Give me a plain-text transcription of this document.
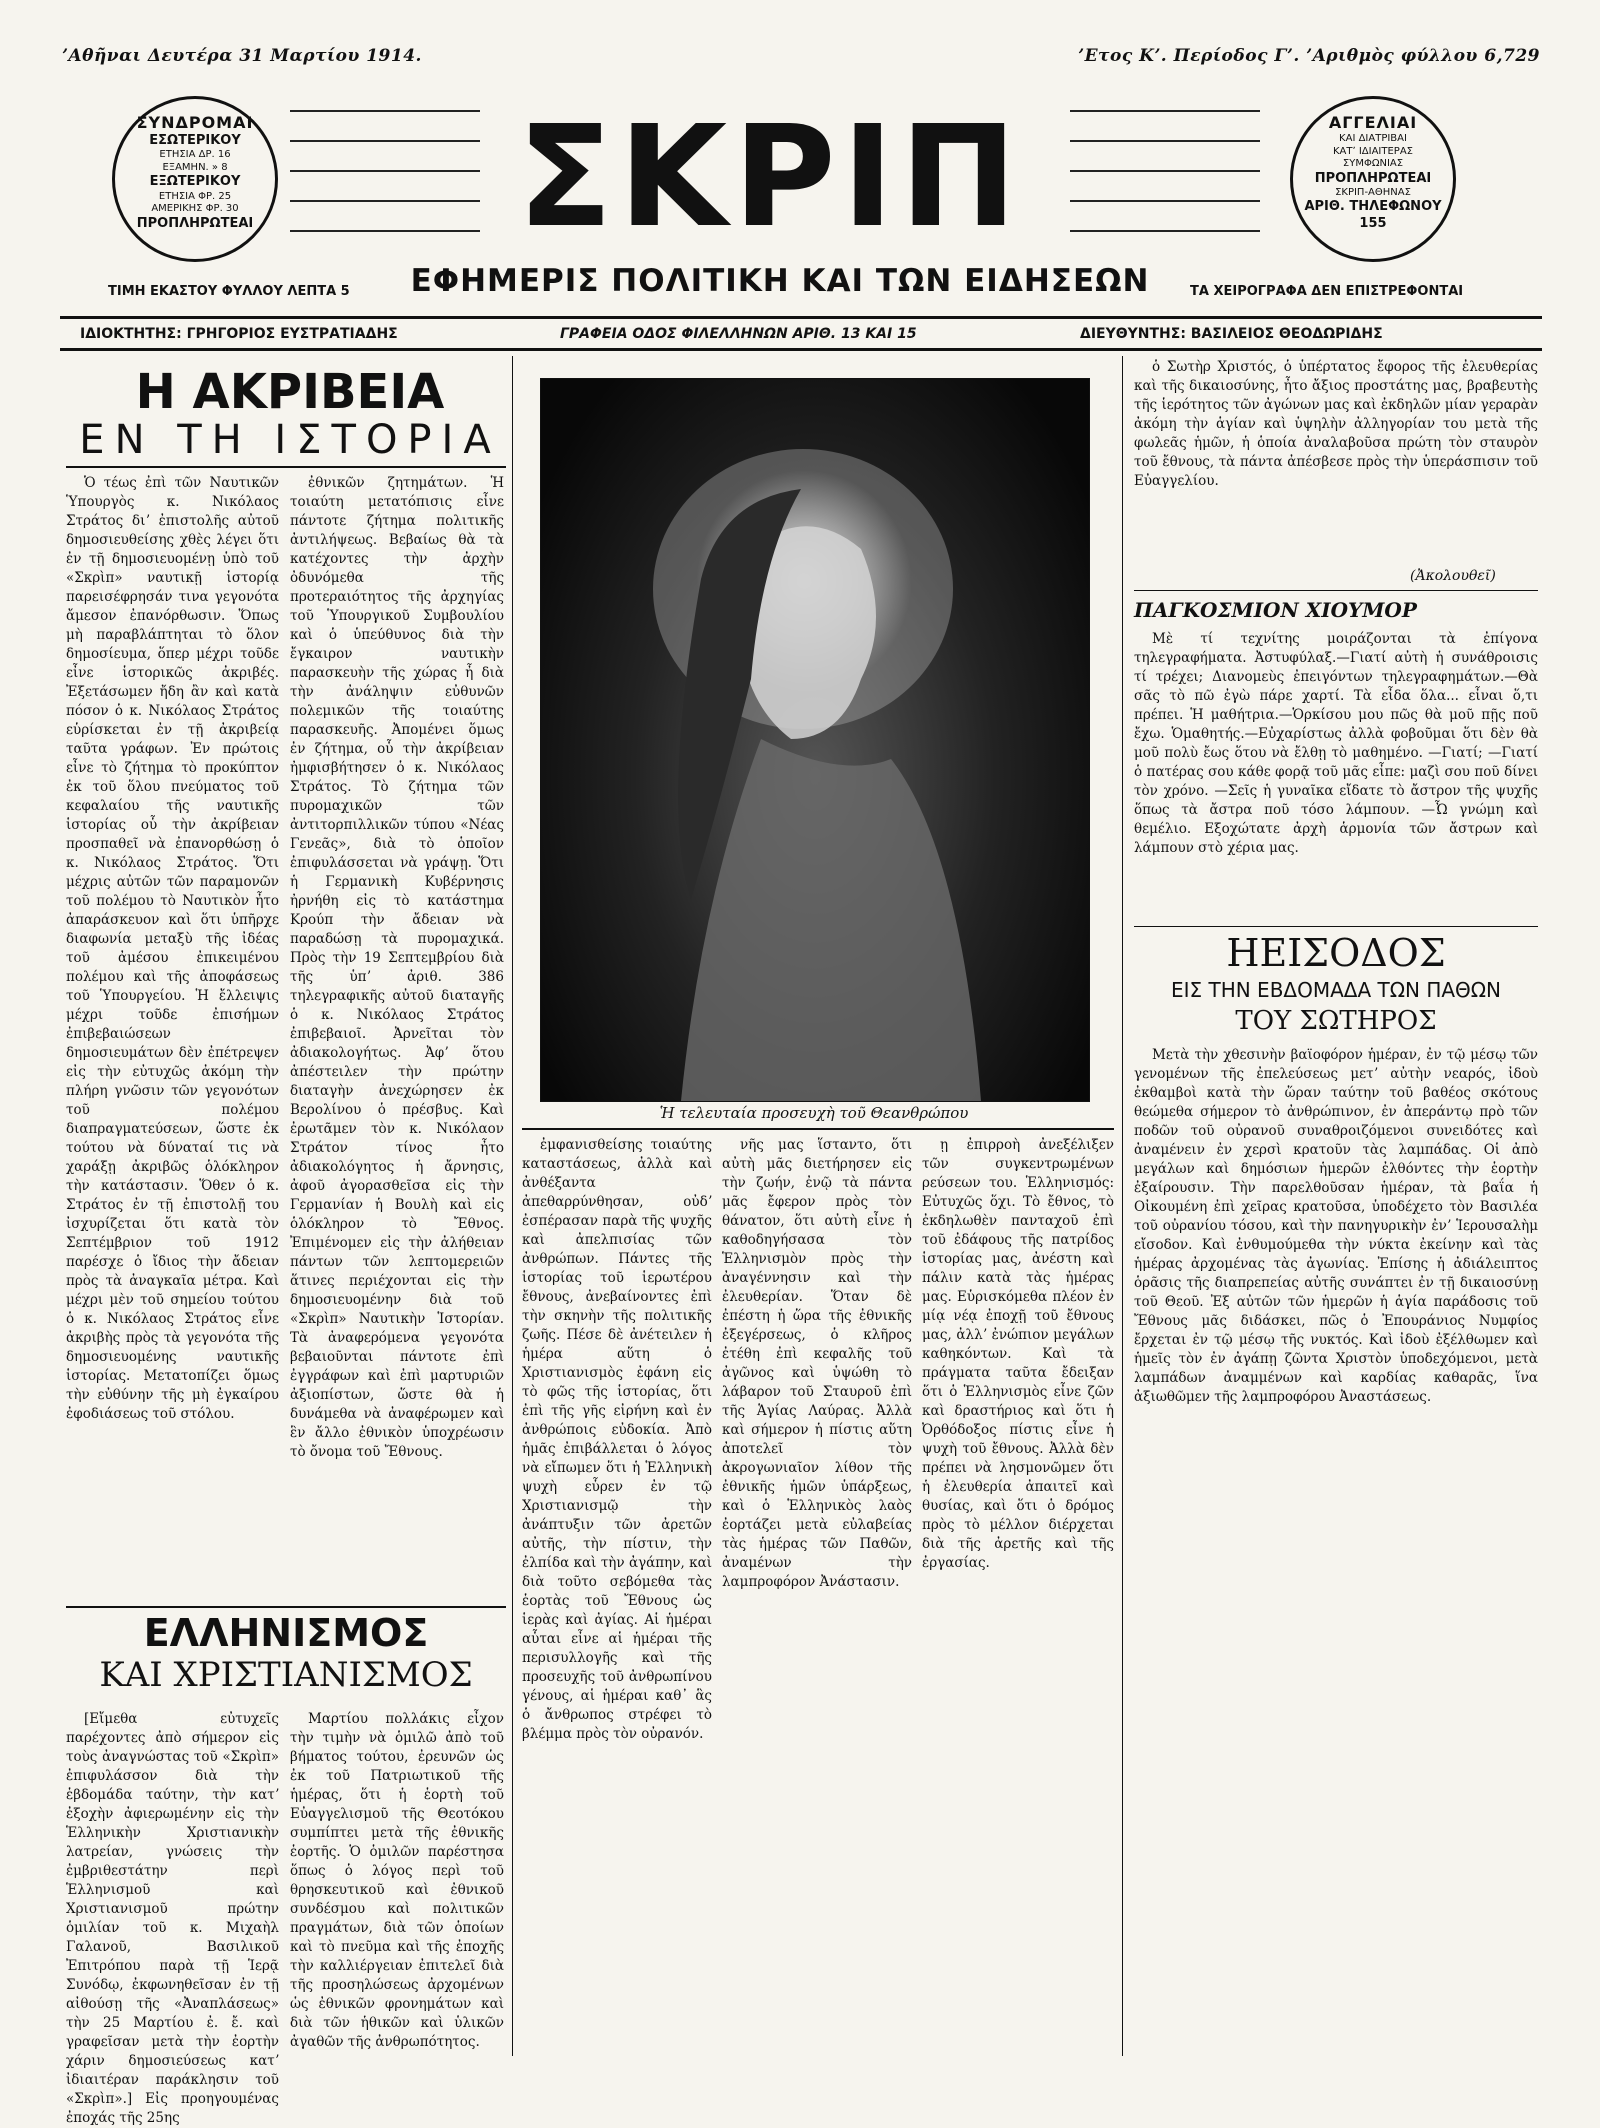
ʼΑθῆναι Δευτέρα 31 Μαρτίου 1914.	ʼΕτος Κʼ. Περίοδος Γʼ. ʼΑριθμὸς φύλλου 6,729
ΣΥΝΔΡΟΜΑΙ
ΕΣΩΤΕΡΙΚΟΥ
ΕΤΗΣΙΑ ΔΡ. 16
ΕΞΑΜΗΝ. » 8
ΕΞΩΤΕΡΙΚΟΥ
ΕΤΗΣΙΑ ΦΡ. 25
ΑΜΕΡΙΚΗΣ ΦΡ. 30
ΠΡΟΠΛΗΡΩΤΕΑΙ
ΑΓΓΕΛΙΑΙ
ΚΑΙ ΔΙΑΤΡΙΒΑΙ
ΚΑΤʼ ΙΔΙΑΙΤΕΡΑΣ
ΣΥΜΦΩΝΙΑΣ
ΠΡΟΠΛΗΡΩΤΕΑΙ
ΣΚΡΙΠ-ΑΘΗΝΑΣ
ΑΡΙΘ. ΤΗΛΕΦΩΝΟΥ 155
ΣΚΡΙΠ
ΕΦΗΜΕΡΙΣ ΠΟΛΙΤΙΚΗ ΚΑΙ ΤΩΝ ΕΙΔΗΣΕΩΝ
ΤΙΜΗ ΕΚΑΣΤΟΥ ΦΥΛΛΟΥ ΛΕΠΤΑ 5	ΤΑ ΧΕΙΡΟΓΡΑΦΑ ΔΕΝ ΕΠΙΣΤΡΕΦΟΝΤΑΙ
ΙΔΙΟΚΤΗΤΗΣ: ΓΡΗΓΟΡΙΟΣ ΕΥΣΤΡΑΤΙΑΔΗΣ	ΓΡΑΦΕΙΑ ΟΔΟΣ ΦΙΛΕΛΛΗΝΩΝ ΑΡΙΘ. 13 ΚΑΙ 15	ΔΙΕΥΘΥΝΤΗΣ: ΒΑΣΙΛΕΙΟΣ ΘΕΟΔΩΡΙΔΗΣ
Η ΑΚΡΙΒΕΙΑ
ΕΝ ΤΗ ΙΣΤΟΡΙΑ

Ὁ τέως ἐπὶ τῶν Ναυτικῶν Ὑπουργὸς κ. Νικόλαος Στράτος διʼ ἐπιστολῆς αὐτοῦ δημοσιευθείσης χθὲς λέγει ὅτι ἐν τῇ δημοσιευομένῃ ὑπὸ τοῦ «Σκρὶπ» ναυτικῇ ἱστορίᾳ παρεισέφρησάν τινα γεγονότα ἄμεσον ἐπανόρθωσιν. Ὅπως μὴ παραβλάπτηται τὸ ὅλον δημοσίευμα, ὅπερ μέχρι τοῦδε εἶνε ἱστορικῶς ἀκριβές. Ἐξετάσωμεν ἤδη ἂν καὶ κατὰ πόσον ὁ κ. Νικόλαος Στράτος εὑρίσκεται ἐν τῇ ἀκριβείᾳ ταῦτα γράφων. Ἐν πρώτοις εἶνε τὸ ζήτημα τὸ προκύπτον ἐκ τοῦ ὅλου πνεύματος τοῦ κεφαλαίου τῆς ναυτικῆς ἱστορίας οὗ τὴν ἀκρίβειαν προσπαθεῖ νὰ ἐπανορθώσῃ ὁ κ. Νικόλαος Στράτος. Ὅτι μέχρις αὐτῶν τῶν παραμονῶν τοῦ πολέμου τὸ Ναυτικὸν ἦτο ἀπαράσκευον καὶ ὅτι ὑπῆρχε διαφωνία μεταξὺ τῆς ἰδέας τοῦ ἀμέσου ἐπικειμένου πολέμου καὶ τῆς ἀποφάσεως τοῦ Ὑπουργείου. Ἡ ἔλλειψις μέχρι τοῦδε ἐπισήμων ἐπιβεβαιώσεων δημοσιευμάτων δὲν ἐπέτρεψεν εἰς τὴν εὐτυχῶς ἀκόμη τὴν πλήρη γνῶσιν τῶν γεγονότων τοῦ πολέμου διαπραγματεύσεων, ὥστε ἐκ τούτου νὰ δύναταί τις νὰ χαράξῃ ἀκριβῶς ὁλόκληρον τὴν κατάστασιν. Ὅθεν ὁ κ. Στράτος ἐν τῇ ἐπιστολῇ του ἰσχυρίζεται ὅτι κατὰ τὸν Σεπτέμβριον τοῦ 1912 παρέσχε ὁ ἴδιος τὴν ἄδειαν πρὸς τὰ ἀναγκαῖα μέτρα. Καὶ μέχρι μὲν τοῦ σημείου τούτου ὁ κ. Νικόλαος Στράτος εἶνε ἀκριβὴς πρὸς τὰ γεγονότα τῆς δημοσιευομένης ναυτικῆς ἱστορίας. Μετατοπίζει ὅμως τὴν εὐθύνην τῆς μὴ ἐγκαίρου ἐφοδιάσεως τοῦ στόλου.

ἐθνικῶν ζητημάτων. Ἡ τοιαύτη μετατόπισις εἶνε πάντοτε ζήτημα πολιτικῆς ἀντιλήψεως. Βεβαίως θὰ τὰ κατέχοντες τὴν ἀρχὴν ὀδυνόμεθα τῆς προτεραιότητος τῆς ἀρχηγίας τοῦ Ὑπουργικοῦ Συμβουλίου καὶ ὁ ὑπεύθυνος διὰ τὴν ἔγκαιρον ναυτικὴν παρασκευὴν τῆς χώρας ἦ διὰ τὴν ἀνάληψιν εὐθυνῶν πολεμικῶν τῆς τοιαύτης παρασκευῆς. Ἀπομένει ὅμως ἐν ζήτημα, οὗ τὴν ἀκρίβειαν ἠμφισβήτησεν ὁ κ. Νικόλαος Στράτος. Τὸ ζήτημα τῶν πυρομαχικῶν τῶν ἀντιτορπιλλικῶν τύπου «Νέας Γενεᾶς», διὰ τὸ ὁποῖον ἐπιφυλάσσεται νὰ γράψῃ. Ὅτι ἡ Γερμανικὴ Κυβέρνησις ἠρνήθη εἰς τὸ κατάστημα Κρούπ τὴν ἄδειαν νὰ παραδώσῃ τὰ πυρομαχικά. Πρὸς τὴν 19 Σεπτεμβρίου διὰ τῆς ὑπʼ ἀριθ. 386 τηλεγραφικῆς αὐτοῦ διαταγῆς ὁ κ. Νικόλαος Στράτος ἐπιβεβαιοῖ. Ἀρνεῖται τὸν ἀδιακολογήτως. Ἀφʼ ὅτου ἀπέστειλεν τὴν πρώτην διαταγὴν ἀνεχώρησεν ἐκ Βερολίνου ὁ πρέσβυς. Καὶ ἐρωτᾶμεν τὸν κ. Νικόλαον Στράτον τίνος ἦτο ἀδιακολόγητος ἡ ἄρνησις, ἀφοῦ ἀγορασθεῖσα εἰς τὴν Γερμανίαν ἡ Βουλὴ καὶ εἰς ὁλόκληρον τὸ Ἔθνος. Ἐπιμένομεν εἰς τὴν ἀλήθειαν πάντων τῶν λεπτομερειῶν ἅτινες περιέχονται εἰς τὴν δημοσιευομένην διὰ τοῦ «Σκρὶπ» Ναυτικὴν Ἱστορίαν. Τὰ ἀναφερόμενα γεγονότα βεβαιοῦνται πάντοτε ἐπὶ ἐγγράφων καὶ ἐπὶ μαρτυριῶν ἀξιοπίστων, ὥστε θὰ ἡ δυνάμεθα νὰ ἀναφέρωμεν καὶ ἓν ἄλλο ἐθνικὸν ὑποχρέωσιν τὸ ὄνομα τοῦ Ἔθνους.

ΕΛΛΗΝΙΣΜΟΣ
ΚΑΙ ΧΡΙΣΤΙΑΝΙΣΜΟΣ

[Εἴμεθα εὐτυχεῖς παρέχοντες ἀπὸ σήμερον εἰς τοὺς ἀναγνώστας τοῦ «Σκρὶπ» ἐπιφυλάσσον διὰ τὴν ἑβδομάδα ταύτην, τὴν κατʼ ἐξοχὴν ἀφιερωμένην εἰς τὴν Ἑλληνικὴν Χριστιανικὴν λατρείαν, γνώσεις τὴν ἐμβριθεστάτην περὶ Ἑλληνισμοῦ καὶ Χριστιανισμοῦ πρώτην ὁμιλίαν τοῦ κ. Μιχαὴλ Γαλανοῦ, Βασιλικοῦ Ἐπιτρόπου παρὰ τῇ Ἱερᾷ Συνόδῳ, ἐκφωνηθεῖσαν ἐν τῇ αἰθούσῃ τῆς «Ἀναπλάσεως» τὴν 25 Μαρτίου ἐ. ἔ. καὶ γραφεῖσαν μετὰ τὴν ἐορτὴν χάριν δημοσιεύσεως κατʼ ἰδιαιτέραν παράκλησιν τοῦ «Σκρὶπ».] Εἰς προηγουμένας ἐποχάς τῆς 25ης

Μαρτίου πολλάκις εἶχον τὴν τιμὴν νὰ ὁμιλῶ ἀπὸ τοῦ βήματος τούτου, ἐρευνῶν ὡς ἐκ τοῦ Πατριωτικοῦ τῆς ἡμέρας, ὅτι ἡ ἑορτὴ τοῦ Εὐαγγελισμοῦ τῆς Θεοτόκου συμπίπτει μετὰ τῆς ἐθνικῆς ἑορτῆς. Ὁ ὁμιλῶν παρέστησα ὅπως ὁ λόγος περὶ τοῦ θρησκευτικοῦ καὶ ἐθνικοῦ συνδέσμου καὶ πολιτικῶν πραγμάτων, διὰ τῶν ὁποίων καὶ τὸ πνεῦμα καὶ τῆς ἐποχῆς τὴν καλλιέργειαν ἐπιτελεῖ διὰ τῆς προσηλώσεως ἀρχομένων ὡς ἐθνικῶν φρονημάτων καὶ διὰ τῶν ἡθικῶν καὶ ὑλικῶν ἀγαθῶν τῆς ἀνθρωπότητος.

Ἡ τελευταία προσευχὴ τοῦ Θεανθρώπου

ἐμφανισθείσης τοιαύτης καταστάσεως, ἀλλὰ καὶ ἀνθέξαντα ἀπεθαρρύνθησαν, οὐδʼ ἐσπέρασαν παρὰ τῆς ψυχῆς καὶ ἀπελπισίας τῶν ἀνθρώπων. Πάντες τῆς ἱστορίας τοῦ ἱερωτέρου ἔθνους, ἀνεβαίνοντες ἐπὶ τὴν σκηνὴν τῆς πολιτικῆς ζωῆς. Πέσε δὲ ἀνέτειλεν ἡ ἡμέρα αὕτη ὁ Χριστιανισμὸς ἐφάνη εἰς τὸ φῶς τῆς ἱστορίας, ὅτι ἐπὶ τῆς γῆς εἰρήνη καὶ ἐν ἀνθρώποις εὐδοκία. Ἀπὸ ἡμᾶς ἐπιβάλλεται ὁ λόγος νὰ εἴπωμεν ὅτι ἡ Ἑλληνικὴ ψυχὴ εὗρεν ἐν τῷ Χριστιανισμῷ τὴν ἀνάπτυξιν τῶν ἀρετῶν αὐτῆς, τὴν πίστιν, τὴν ἐλπίδα καὶ τὴν ἀγάπην, καὶ διὰ τοῦτο σεβόμεθα τὰς ἑορτὰς τοῦ Ἔθνους ὡς ἱερὰς καὶ ἀγίας. Αἱ ἡμέραι αὗται εἶνε αἱ ἡμέραι τῆς περισυλλογῆς καὶ τῆς προσευχῆς τοῦ ἀνθρωπίνου γένους, αἱ ἡμέραι καθ᾿ ἃς ὁ ἄνθρωπος στρέφει τὸ βλέμμα πρὸς τὸν οὐρανόν.

νῆς μας ἵσταντο, ὅτι αὐτὴ μᾶς διετήρησεν εἰς τὴν ζωήν, ἐνῷ τὰ πάντα μᾶς ἔφερον πρὸς τὸν θάνατον, ὅτι αὐτὴ εἶνε ἡ καθοδηγήσασα τὸν Ἑλληνισμὸν πρὸς τὴν ἀναγέννησιν καὶ τὴν ἐλευθερίαν. Ὅταν δὲ ἐπέστη ἡ ὥρα τῆς ἐθνικῆς ἐξεγέρσεως, ὁ κλῆρος ἐτέθη ἐπὶ κεφαλῆς τοῦ ἀγῶνος καὶ ὑψώθη τὸ λάβαρον τοῦ Σταυροῦ ἐπὶ τῆς Ἁγίας Λαύρας. Ἀλλὰ καὶ σήμερον ἡ πίστις αὕτη ἀποτελεῖ τὸν ἀκρογωνιαῖον λίθον τῆς ἐθνικῆς ἡμῶν ὑπάρξεως, καὶ ὁ Ἑλληνικὸς λαὸς ἐορτάζει μετὰ εὐλαβείας τὰς ἡμέρας τῶν Παθῶν, ἀναμένων τὴν λαμπροφόρον Ἀνάστασιν.

ῃ ἐπιρροὴ ἀνεξέλιξεν τῶν συγκεντρωμένων ρεύσεων του. Ἑλληνισμός: Εὐτυχῶς ὅχι. Τὸ ἔθνος, τὸ ἐκδηλωθὲν πανταχοῦ ἐπὶ τοῦ ἐδάφους τῆς πατρίδος ἱστορίας μας, ἀνέστη καὶ πάλιν κατὰ τὰς ἡμέρας μας. Εὑρισκόμεθα πλέον ἐν μίᾳ νέᾳ ἐποχῇ τοῦ ἔθνους μας, ἀλλʼ ἐνώπιον μεγάλων καθηκόντων. Καὶ τὰ πράγματα ταῦτα ἔδειξαν ὅτι ὁ Ἑλληνισμὸς εἶνε ζῶν καὶ δραστήριος καὶ ὅτι ἡ Ὀρθόδοξος πίστις εἶνε ἡ ψυχὴ τοῦ ἔθνους. Ἀλλὰ δὲν πρέπει νὰ λησμονῶμεν ὅτι ἡ ἐλευθερία ἀπαιτεῖ καὶ θυσίας, καὶ ὅτι ὁ δρόμος πρὸς τὸ μέλλον διέρχεται διὰ τῆς ἀρετῆς καὶ τῆς ἐργασίας.

ὁ Σωτὴρ Χριστός, ὁ ὑπέρτατος ἔφορος τῆς ἐλευθερίας καὶ τῆς δικαιοσύνης, ἦτο ἄξιος προστάτης μας, βραβευτὴς τῆς ἱερότητος τῶν ἀγώνων μας καὶ ἐκδηλῶν μίαν γεραρὰν ἀκόμη τὴν ἁγίαν καὶ ὑψηλὴν ἀλληγορίαν του μετὰ τῆς φωλεᾶς ἡμῶν, ἡ ὁποία ἀναλαβοῦσα πρώτη τὸν σταυρὸν τοῦ ἔθνους, τὰ πάντα ἀπέσβεσε πρὸς τὴν ὑπεράσπισιν τοῦ Εὐαγγελίου.

(Ἀκολουθεῖ)
ΠΑΓΚΟΣΜΙΟΝ ΧΙΟΥΜΟΡ

Μὲ τί τεχνίτης μοιράζονται τὰ ἐπίγονα τηλεγραφήματα. Ἀστυφύλαξ.—Γιατί αὐτὴ ἡ συνάθροισις τί τρέχει; Διανομεὺς ἐπειγόντων τηλεγραφημάτων.—Θὰ σᾶς τὸ πῶ ἐγὼ πάρε χαρτί. Τὰ εἶδα ὅλα... εἶναι ὅ,τι πρέπει. Ἡ μαθήτρια.—Ὁρκίσου μου πῶς θὰ μοῦ πῇς ποῦ ἔχω. Ὁμαθητής.—Εὐχαρίστως ἀλλὰ φοβοῦμαι ὅτι δὲν θὰ μοῦ πολὺ ἔως ὅτου νὰ ἔλθῃ τὸ μαθημένο. —Γιατί; —Γιατί ὁ πατέρας σου κάθε φορᾷ τοῦ μᾶς εἶπε: μαζὶ σου ποῦ δίνει τὸν χρόνο. —Σεῖς ἡ γυναῖκα εἴδατε τὸ ἄστρον τῆς ψυχῆς ὅπως τὰ ἄστρα ποῦ τόσο λάμπουν. —Ὦ γνώμη καὶ θεμέλιο. Εξοχώτατε ἀρχὴ ἁρμονία τῶν ἄστρων καὶ λάμπουν στὸ χέρια μας.

ΗΕΙΣΟΔΟΣ
ΕΙΣ ΤΗΝ ΕΒΔΟΜΑΔΑ ΤΩΝ ΠΑΘΩΝ
ΤΟΥ ΣΩΤΗΡΟΣ

Μετὰ τὴν χθεσινὴν βαϊοφόρον ἡμέραν, ἐν τῷ μέσῳ τῶν γενομένων τῆς ἐπελεύσεως μετʼ αὐτὴν νεαρός, ἰδοὺ ἐκθαμβοὶ κατὰ τὴν ὥραν ταύτην τοῦ βαθέος σκότους θεώμεθα σήμερον τὸ ἀνθρώπινον, ἐν ἀπεράντῳ πρὸ τῶν ποδῶν τοῦ οὐρανοῦ συναθροιζόμενοι συνειδότες καὶ ἀναμένειν ἐν χερσὶ κρατοῦν τὰς λαμπάδας. Οἱ ἀπὸ μεγάλων καὶ δημόσιων ἡμερῶν ἐλθόντες τὴν ἑορτὴν ἐξαίρουσιν. Τὴν παρελθοῦσαν ἡμέραν, τὰ βαΐα ἡ Οἰκουμένη ἐπὶ χεῖρας κρατοῦσα, ὑποδέχετο τὸν Βασιλέα τοῦ οὐρανίου τόσου, καὶ τὴν πανηγυρικὴν ἐνʼ Ἱερουσαλὴμ εἴσοδον. Καὶ ἐνθυμούμεθα τὴν νύκτα ἐκείνην καὶ τὰς ἡμέρας ἀρχομένας τὰς ἀγωνίας. Ἐπίσης ἡ ἀδιάλειπτος ὁρᾶσις τῆς διαπρεπείας αὐτῆς συνάπτει ἐν τῇ δικαιοσύνῃ τοῦ Θεοῦ. Ἐξ αὐτῶν τῶν ἡμερῶν ἡ ἁγία παράδοσις τοῦ Ἔθνους μᾶς διδάσκει, πῶς ὁ Ἐπουράνιος Νυμφίος ἔρχεται ἐν τῷ μέσῳ τῆς νυκτός. Καὶ ἰδοὺ ἐξέλθωμεν καὶ ἡμεῖς τὸν ἐν ἀγάπῃ ζῶντα Χριστὸν ὑποδεχόμενοι, μετὰ λαμπάδων ἀναμμένων καὶ καρδίας καθαρᾶς, ἵνα ἀξιωθῶμεν τῆς λαμπροφόρου Ἀναστάσεως.
